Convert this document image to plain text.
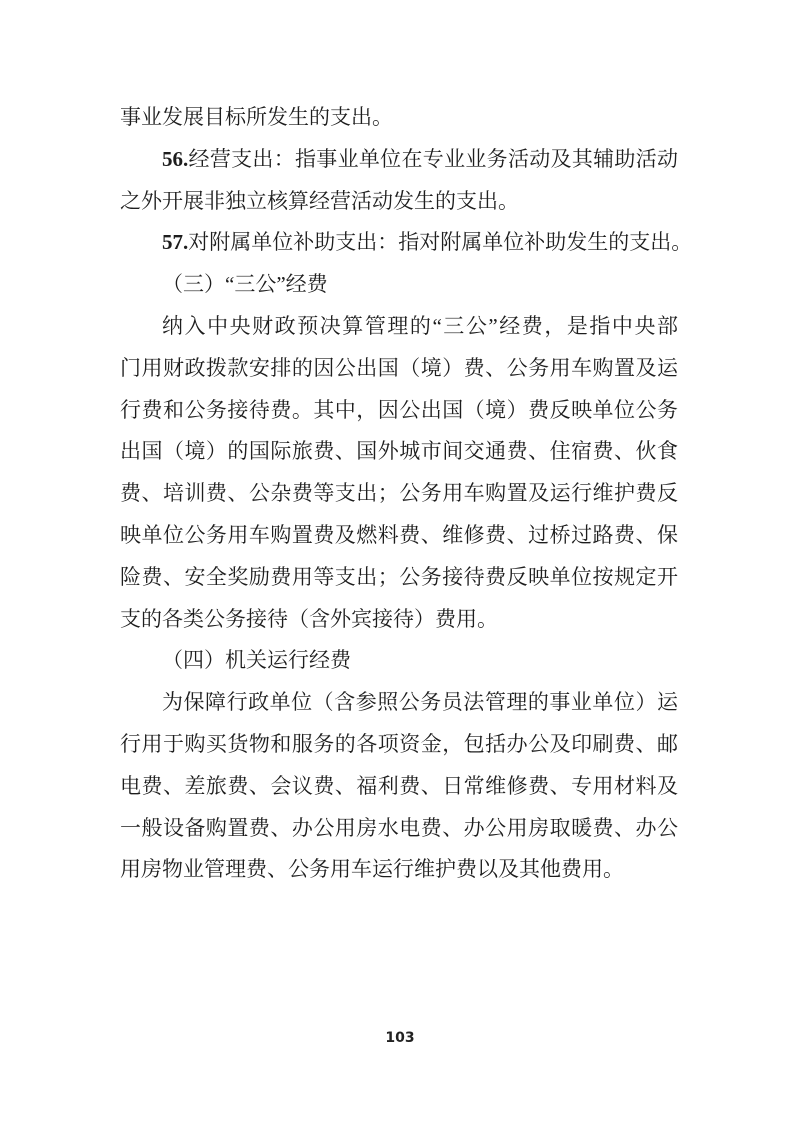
事业发展目标所发生的支出。
56.经营支出：指事业单位在专业业务活动及其辅助活动
之外开展非独立核算经营活动发生的支出。
57.对附属单位补助支出：指对附属单位补助发生的支出。
（三）“三公”经费
纳入中央财政预决算管理的“三公”经费，是指中央部
门用财政拨款安排的因公出国（境）费、公务用车购置及运
行费和公务接待费。其中，因公出国（境）费反映单位公务
出国（境）的国际旅费、国外城市间交通费、住宿费、伙食
费、培训费、公杂费等支出；公务用车购置及运行维护费反
映单位公务用车购置费及燃料费、维修费、过桥过路费、保
险费、安全奖励费用等支出；公务接待费反映单位按规定开
支的各类公务接待（含外宾接待）费用。
（四）机关运行经费
为保障行政单位（含参照公务员法管理的事业单位）运
行用于购买货物和服务的各项资金，包括办公及印刷费、邮
电费、差旅费、会议费、福利费、日常维修费、专用材料及
一般设备购置费、办公用房水电费、办公用房取暖费、办公
用房物业管理费、公务用车运行维护费以及其他费用。
103
